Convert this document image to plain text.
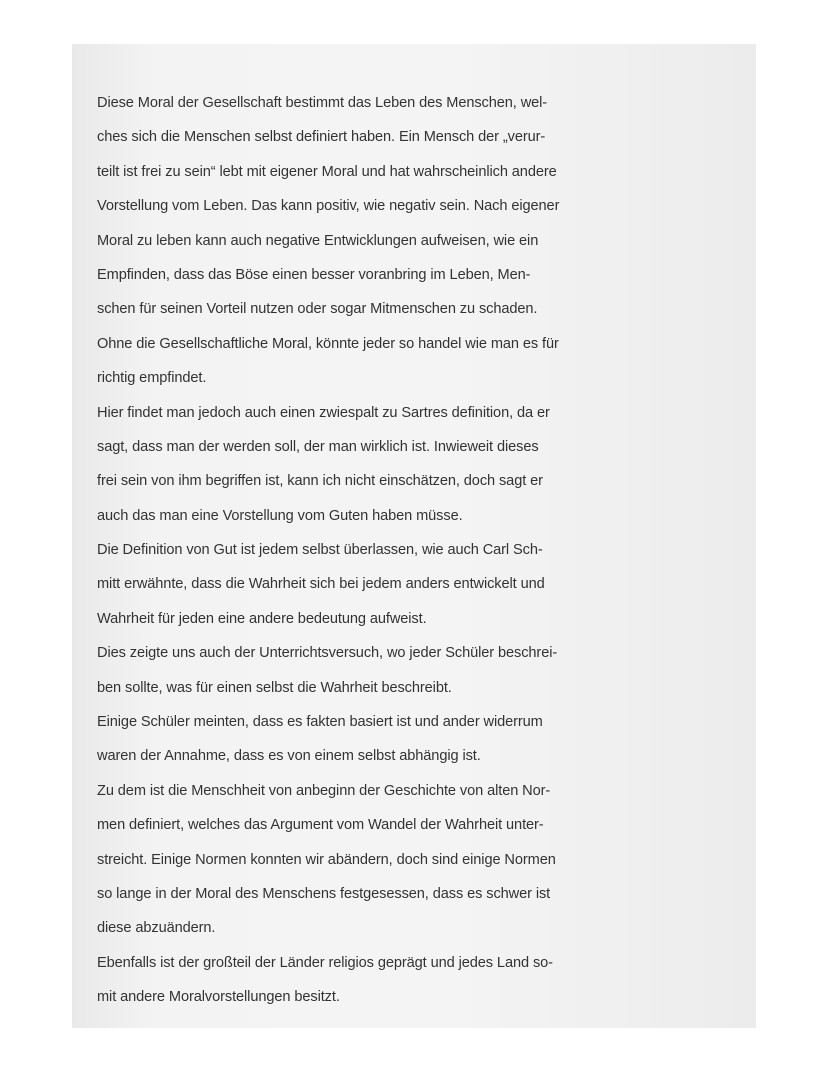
Diese Moral der Gesellschaft bestimmt das Leben des Menschen, wel-
ches sich die Menschen selbst definiert haben. Ein Mensch der „verur-
teilt ist frei zu sein“ lebt mit eigener Moral und hat wahrscheinlich andere
Vorstellung vom Leben. Das kann positiv, wie negativ sein. Nach eigener
Moral zu leben kann auch negative Entwicklungen aufweisen, wie ein
Empfinden, dass das Böse einen besser voranbring im Leben, Men-
schen für seinen Vorteil nutzen oder sogar Mitmenschen zu schaden.
Ohne die Gesellschaftliche Moral, könnte jeder so handel wie man es für
richtig empfindet.
Hier findet man jedoch auch einen zwiespalt zu Sartres definition, da er
sagt, dass man der werden soll, der man wirklich ist. Inwieweit dieses
frei sein von ihm begriffen ist, kann ich nicht einschätzen, doch sagt er
auch das man eine Vorstellung vom Guten haben müsse.
Die Definition von Gut ist jedem selbst überlassen, wie auch Carl Sch-
mitt erwähnte, dass die Wahrheit sich bei jedem anders entwickelt und
Wahrheit für jeden eine andere bedeutung aufweist.
Dies zeigte uns auch der Unterrichtsversuch, wo jeder Schüler beschrei-
ben sollte, was für einen selbst die Wahrheit beschreibt.
Einige Schüler meinten, dass es fakten basiert ist und ander widerrum
waren der Annahme, dass es von einem selbst abhängig ist.
Zu dem ist die Menschheit von anbeginn der Geschichte von alten Nor-
men definiert, welches das Argument vom Wandel der Wahrheit unter-
streicht. Einige Normen konnten wir abändern, doch sind einige Normen
so lange in der Moral des Menschens festgesessen, dass es schwer ist
diese abzuändern.
Ebenfalls ist der großteil der Länder religios geprägt und jedes Land so-
mit andere Moralvorstellungen besitzt.
